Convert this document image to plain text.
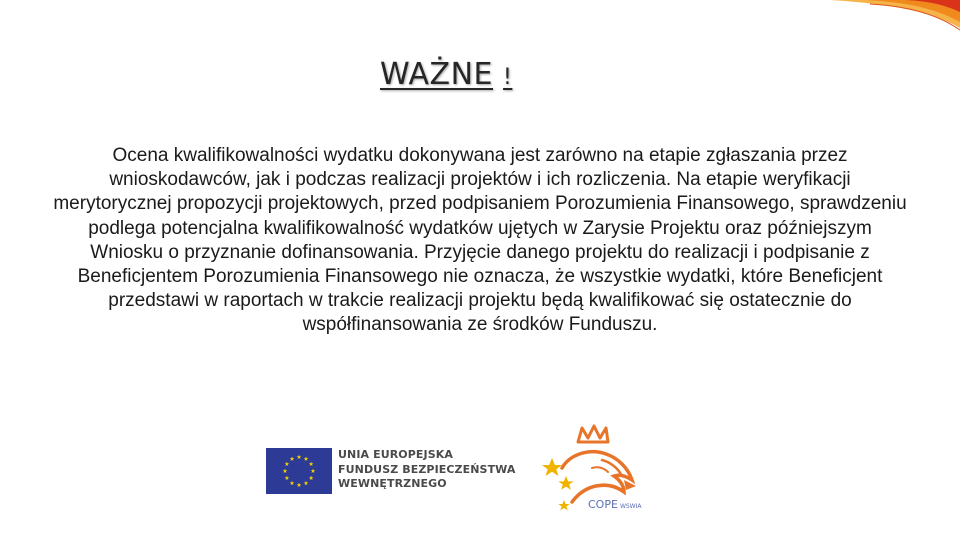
WAŻNE !

Ocena kwalifikowalności wydatku dokonywana jest zarówno na etapie zgłaszania przez wnioskodawców, jak i podczas realizacji projektów i ich rozliczenia. Na etapie weryfikacji merytorycznej propozycji projektowych, przed podpisaniem Porozumienia Finansowego, sprawdzeniu podlega potencjalna kwalifikowalność wydatków ujętych w Zarysie Projektu oraz późniejszym Wniosku o przyznanie dofinansowania. Przyjęcie danego projektu do realizacji i podpisanie z Beneficjentem Porozumienia Finansowego nie oznacza, że wszystkie wydatki, które Beneficjent przedstawi w raportach w trakcie realizacji projektu będą kwalifikować się ostatecznie do współfinansowania ze środków Funduszu.

UNIA EUROPEJSKA
FUNDUSZ BEZPIECZEŃSTWA
WEWNĘTRZNEGO
COPE WSWIA
